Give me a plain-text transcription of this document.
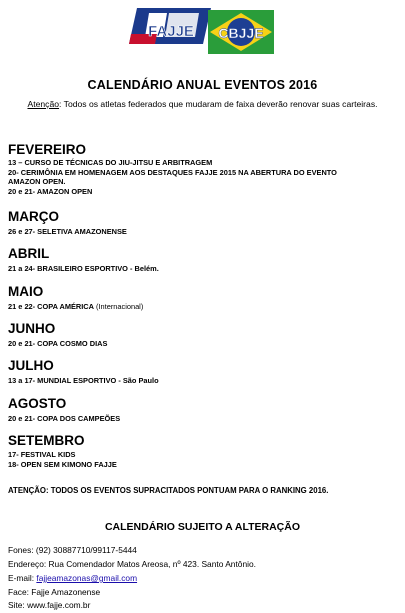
FAJJE CBJJE
CALENDÁRIO ANUAL EVENTOS 2016
Atenção: Todos os atletas federados que mudaram de faixa deverão renovar suas carteiras.
FEVEREIRO
13 – CURSO DE TÉCNICAS DO JIU-JITSU E ARBITRAGEM
20- CERIMÔNIA EM HOMENAGEM AOS DESTAQUES FAJJE 2015 NA ABERTURA DO EVENTO
AMAZON OPEN.
20 e 21- AMAZON OPEN
MARÇO
26 e 27- SELETIVA AMAZONENSE
ABRIL
21 a 24- BRASILEIRO ESPORTIVO - Belém.
MAIO
21 e 22- COPA AMÉRICA (Internacional)
JUNHO
20 e 21- COPA COSMO DIAS
JULHO
13 a 17- MUNDIAL ESPORTIVO - São Paulo
AGOSTO
20 e 21- COPA DOS CAMPEÕES
SETEMBRO
17- FESTIVAL KIDS
18- OPEN SEM KIMONO FAJJE
ATENÇÃO: TODOS OS EVENTOS SUPRACITADOS PONTUAM PARA O RANKING 2016.
CALENDÁRIO SUJEITO A ALTERAÇÃO
Fones: (92) 30887710/99117-5444
Endereço: Rua Comendador Matos Areosa, nº 423. Santo Antônio.
E-mail: fajjeamazonas@gmail.com
Face: Fajje Amazonense
Site: www.fajje.com.br
